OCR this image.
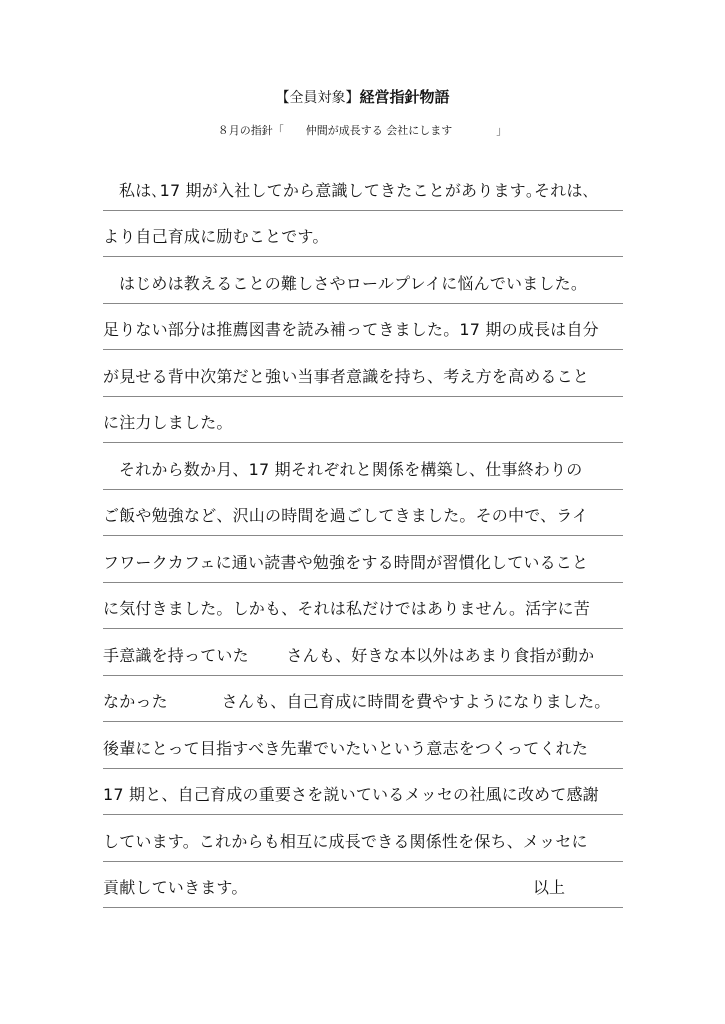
【全員対象】経営指針物語
８月の指針「　　仲間が成長する 会社にします　　　　」
私は､17 期が入社してから意識してきたことがあります｡それは､
より自己育成に励むことです。
はじめは教えることの難しさやロールプレイに悩んでいました。
足りない部分は推薦図書を読み補ってきました。17 期の成長は自分
が見せる背中次第だと強い当事者意識を持ち、考え方を高めること
に注力しました。
それから数か月、17 期それぞれと関係を構築し、仕事終わりの
ご飯や勉強など、沢山の時間を過ごしてきました。その中で、ライ
フワークカフェに通い読書や勉強をする時間が習慣化していること
に気付きました。しかも、それは私だけではありません。活字に苦
手意識を持っていた　　 さんも、好きな本以外はあまり食指が動か
なかった　　　 さんも、自己育成に時間を費やすようになりました。
後輩にとって目指すべき先輩でいたいという意志をつくってくれた
17 期と、自己育成の重要さを説いているメッセの社風に改めて感謝
しています。これからも相互に成長できる関係性を保ち、メッセに
貢献していきます。	以上
